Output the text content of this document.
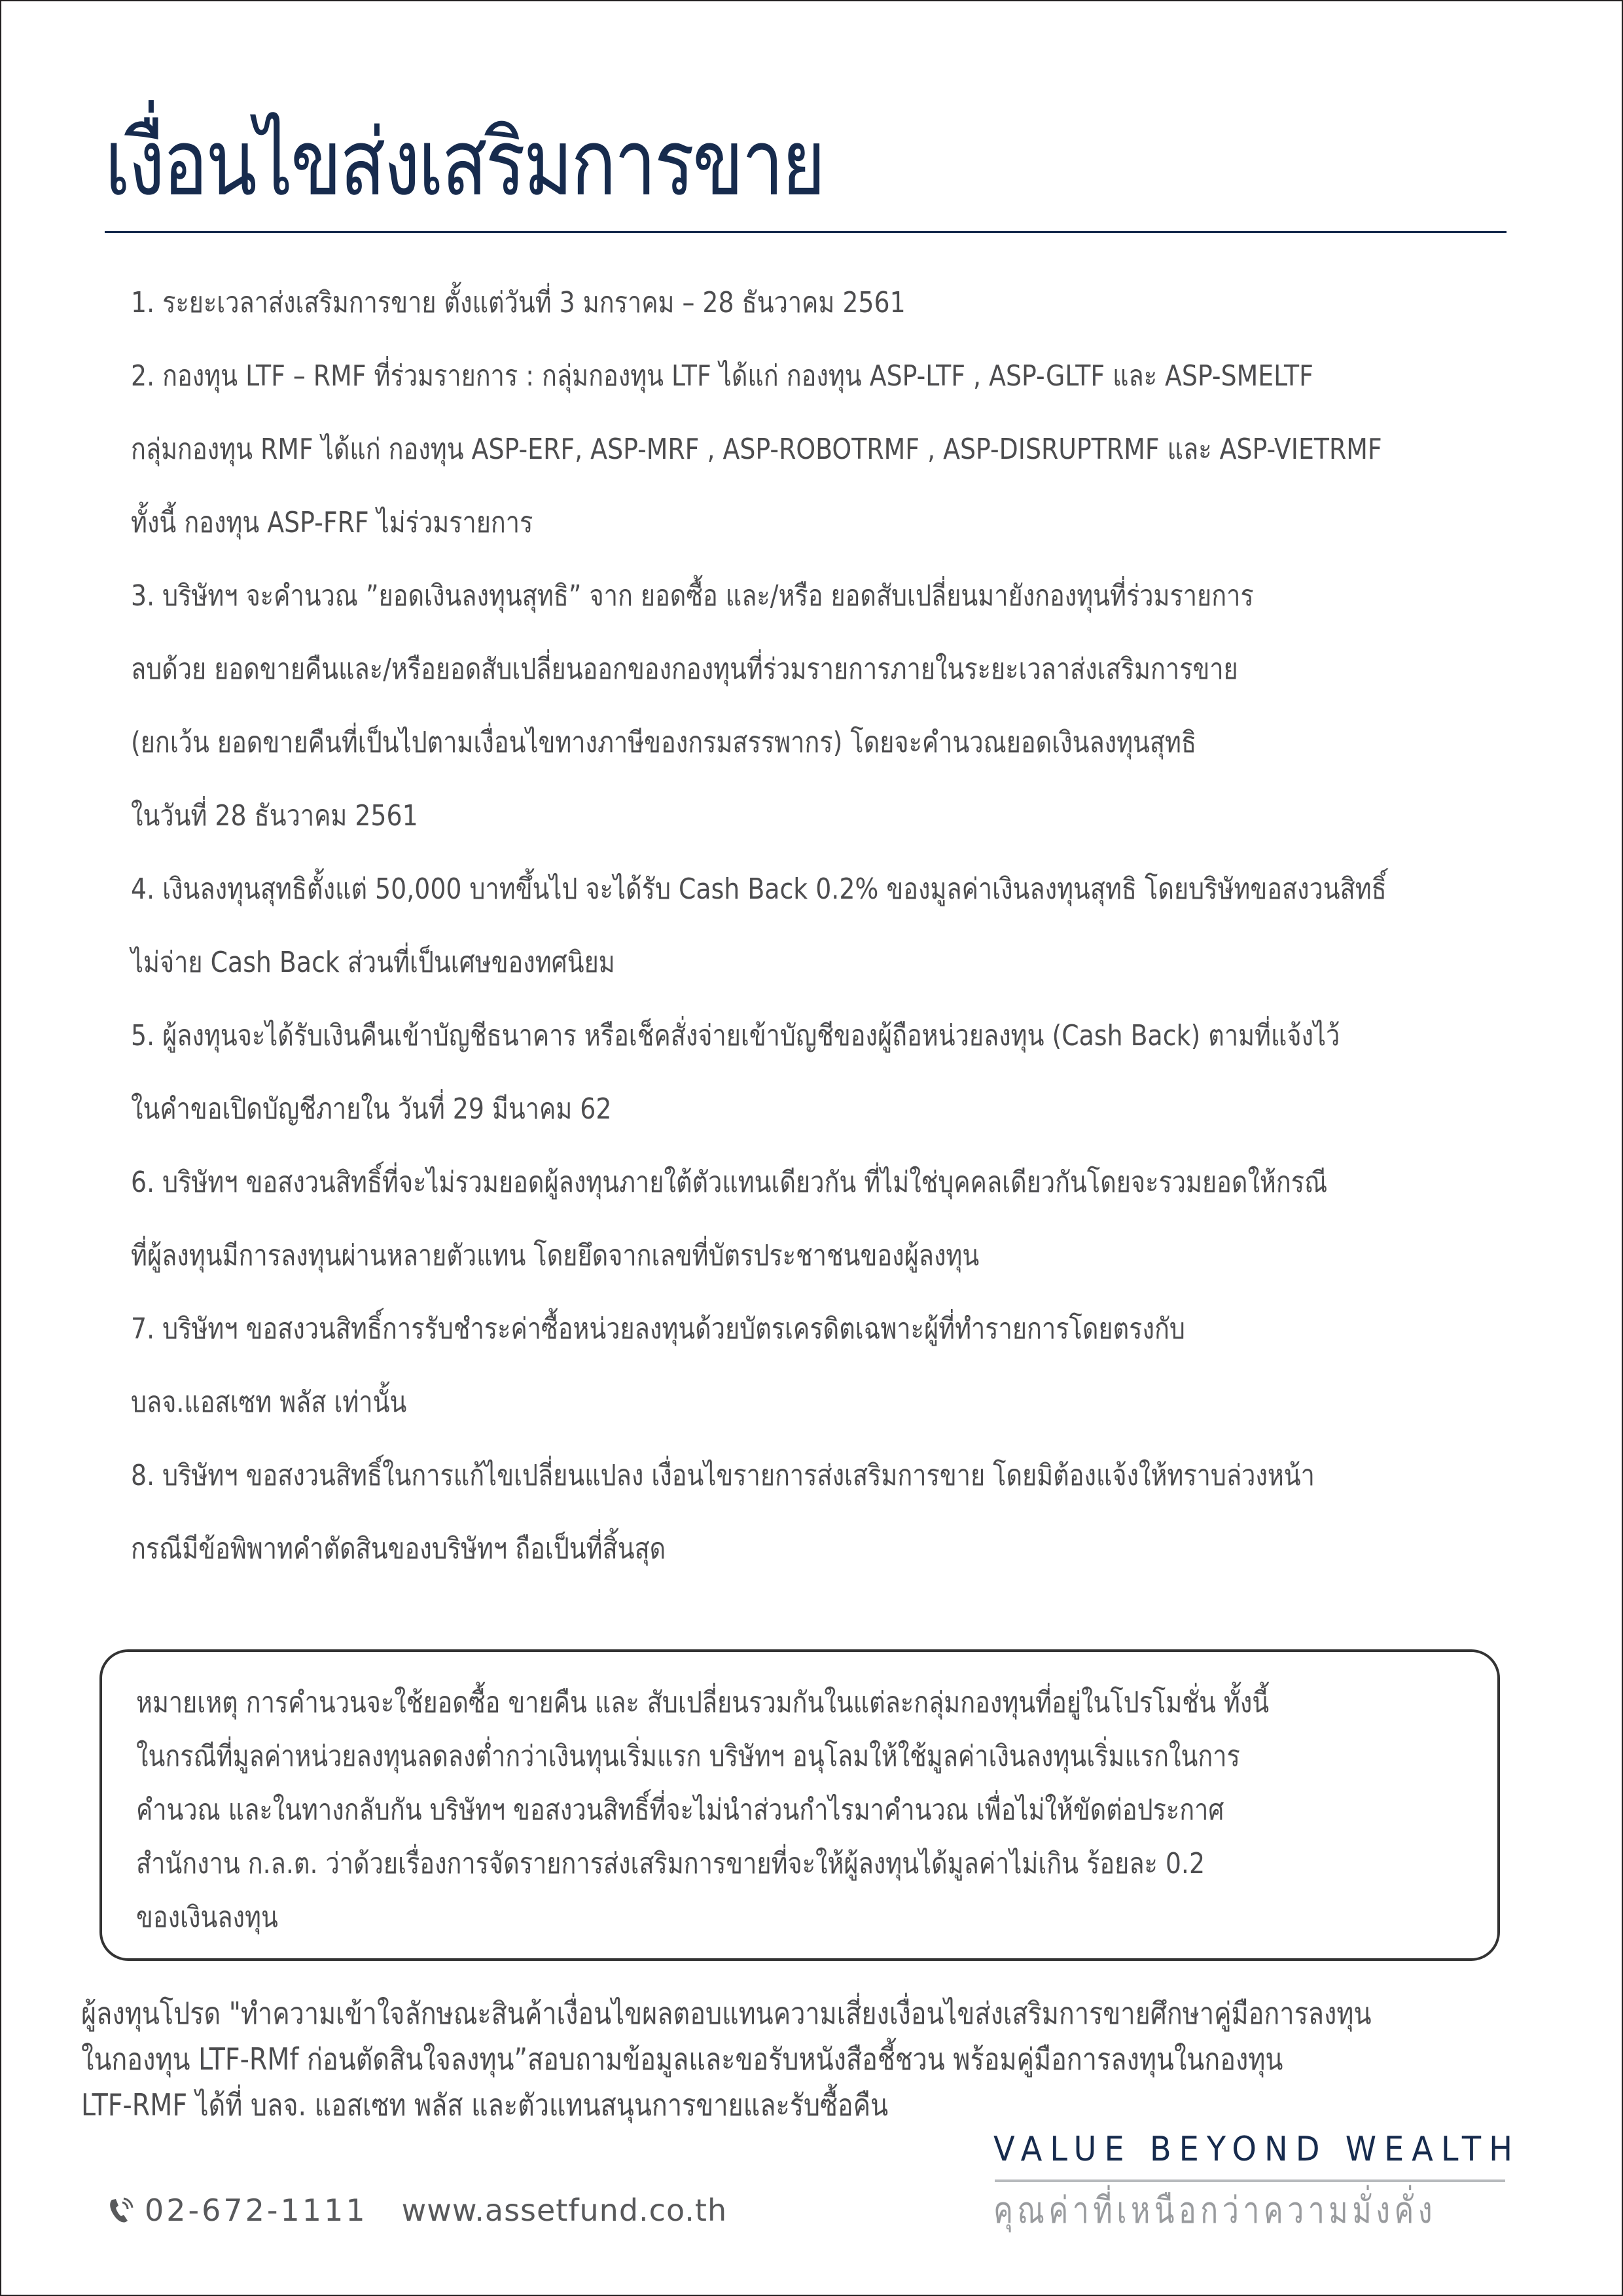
เงื่อนไขส่งเสริมการขาย
1. ระยะเวลาส่งเสริมการขาย ตั้งแต่วันที่ 3 มกราคม – 28 ธันวาคม 2561
2. กองทุน LTF – RMF ที่ร่วมรายการ : กลุ่มกองทุน LTF ได้แก่ กองทุน ASP-LTF , ASP-GLTF และ ASP-SMELTF
กลุ่มกองทุน RMF ได้แก่ กองทุน ASP-ERF, ASP-MRF , ASP-ROBOTRMF , ASP-DISRUPTRMF และ ASP-VIETRMF
ทั้งนี้ กองทุน ASP-FRF ไม่ร่วมรายการ
3. บริษัทฯ จะคำนวณ ”ยอดเงินลงทุนสุทธิ” จาก ยอดซื้อ และ/หรือ ยอดสับเปลี่ยนมายังกองทุนที่ร่วมรายการ
ลบด้วย ยอดขายคืนและ/หรือยอดสับเปลี่ยนออกของกองทุนที่ร่วมรายการภายในระยะเวลาส่งเสริมการขาย
(ยกเว้น ยอดขายคืนที่เป็นไปตามเงื่อนไขทางภาษีของกรมสรรพากร) โดยจะคำนวณยอดเงินลงทุนสุทธิ
ในวันที่ 28 ธันวาคม 2561
4. เงินลงทุนสุทธิตั้งแต่ 50,000 บาทขึ้นไป จะได้รับ Cash Back 0.2% ของมูลค่าเงินลงทุนสุทธิ โดยบริษัทขอสงวนสิทธิ์
ไม่จ่าย Cash Back ส่วนที่เป็นเศษของทศนิยม
5. ผู้ลงทุนจะได้รับเงินคืนเข้าบัญชีธนาคาร หรือเช็คสั่งจ่ายเข้าบัญชีของผู้ถือหน่วยลงทุน (Cash Back) ตามที่แจ้งไว้
ในคำขอเปิดบัญชีภายใน วันที่ 29 มีนาคม 62
6. บริษัทฯ ขอสงวนสิทธิ์ที่จะไม่รวมยอดผู้ลงทุนภายใต้ตัวแทนเดียวกัน ที่ไม่ใช่บุคคลเดียวกันโดยจะรวมยอดให้กรณี
ที่ผู้ลงทุนมีการลงทุนผ่านหลายตัวแทน โดยยึดจากเลขที่บัตรประชาชนของผู้ลงทุน
7. บริษัทฯ ขอสงวนสิทธิ์การรับชำระค่าซื้อหน่วยลงทุนด้วยบัตรเครดิตเฉพาะผู้ที่ทำรายการโดยตรงกับ
บลจ.แอสเซท พลัส เท่านั้น
8. บริษัทฯ ขอสงวนสิทธิ์ในการแก้ไขเปลี่ยนแปลง เงื่อนไขรายการส่งเสริมการขาย โดยมิต้องแจ้งให้ทราบล่วงหน้า
กรณีมีข้อพิพาทคำตัดสินของบริษัทฯ ถือเป็นที่สิ้นสุด
หมายเหตุ การคำนวนจะใช้ยอดซื้อ ขายคืน และ สับเปลี่ยนรวมกันในแต่ละกลุ่มกองทุนที่อยู่ในโปรโมชั่น ทั้งนี้
ในกรณีที่มูลค่าหน่วยลงทุนลดลงต่ำกว่าเงินทุนเริ่มแรก บริษัทฯ อนุโลมให้ใช้มูลค่าเงินลงทุนเริ่มแรกในการ
คำนวณ และในทางกลับกัน บริษัทฯ ขอสงวนสิทธิ์ที่จะไม่นำส่วนกำไรมาคำนวณ เพื่อไม่ให้ขัดต่อประกาศ
สำนักงาน ก.ล.ต. ว่าด้วยเรื่องการจัดรายการส่งเสริมการขายที่จะให้ผู้ลงทุนได้มูลค่าไม่เกิน ร้อยละ 0.2
ของเงินลงทุน
ผู้ลงทุนโปรด "ทำความเข้าใจลักษณะสินค้าเงื่อนไขผลตอบแทนความเสี่ยงเงื่อนไขส่งเสริมการขายศึกษาคู่มือการลงทุน
ในกองทุน LTF-RMf ก่อนตัดสินใจลงทุน”สอบถามข้อมูลและขอรับหนังสือชี้ชวน พร้อมคู่มือการลงทุนในกองทุน
LTF-RMF ได้ที่ บลจ. แอสเซท พลัส และตัวแทนสนุนการขายและรับซื้อคืน
02-672-1111 www.assetfund.co.th
VALUE BEYOND WEALTH
คุณค่าที่เหนือกว่าความมั่งคั่ง
